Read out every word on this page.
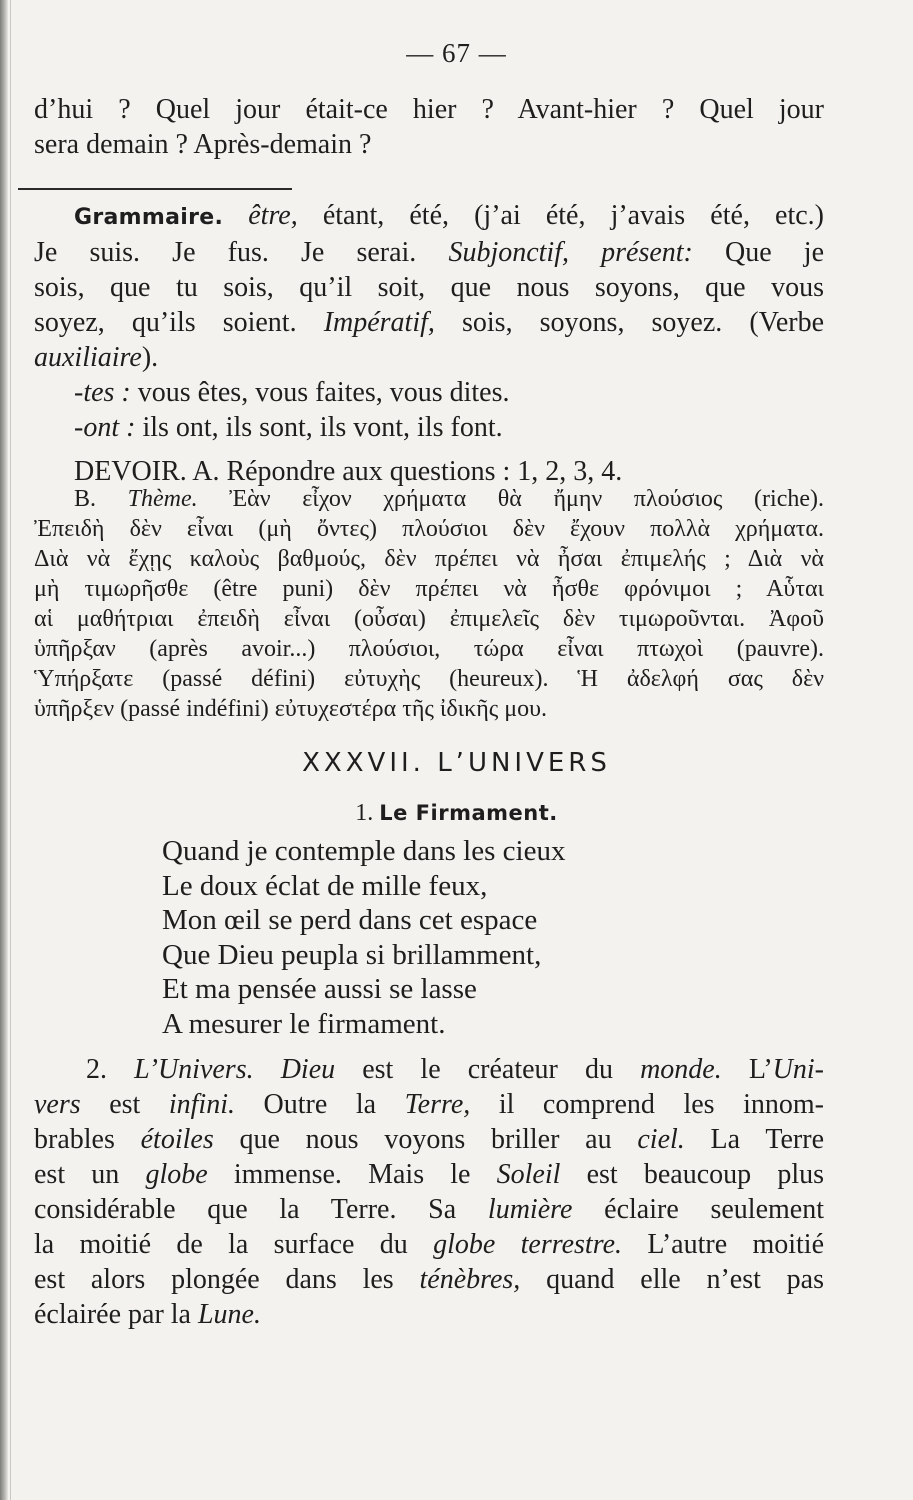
— 67 —
d’hui ? Quel jour était-ce hier ? Avant-hier ? Quel jour
sera demain ? Après-demain ?
Grammaire. être, étant, été, (j’ai été, j’avais été, etc.)
Je suis. Je fus. Je serai. Subjonctif, présent: Que je
sois, que tu sois, qu’il soit, que nous soyons, que vous
soyez, qu’ils soient. Impératif, sois, soyons, soyez. (Verbe
auxiliaire).
-tes : vous êtes, vous faites, vous dites.
-ont : ils ont, ils sont, ils vont, ils font.
DEVOIR. A. Répondre aux questions : 1, 2, 3, 4.
B. Thème. Ἐὰν εἶχον χρήματα θὰ ἤμην πλούσιος (riche).
Ἐπειδὴ δὲν εἶναι (μὴ ὄντες) πλούσιοι δὲν ἔχουν πολλὰ χρήματα.
Διὰ νὰ ἔχῃς καλοὺς βαθμούς, δὲν πρέπει νὰ ἦσαι ἐπιμελής ; Διὰ νὰ
μὴ τιμωρῆσθε (être puni) δὲν πρέπει νὰ ἦσθε φρόνιμοι ; Αὗται
αἱ μαθήτριαι ἐπειδὴ εἶναι (οὖσαι) ἐπιμελεῖς δὲν τιμωροῦνται. Ἀφοῦ
ὑπῆρξαν (après avoir...) πλούσιοι, τώρα εἶναι πτωχοὶ (pauvre).
Ὑπήρξατε (passé défini) εὐτυχὴς (heureux). Ἡ ἀδελφή σας δὲν
ὑπῆρξεν (passé indéfini) εὐτυχεστέρα τῆς ἰδικῆς μου.
XXXVII. L’UNIVERS
1. Le Firmament.
Quand je contemple dans les cieux
Le doux éclat de mille feux,
Mon œil se perd dans cet espace
Que Dieu peupla si brillamment,
Et ma pensée aussi se lasse
A mesurer le firmament.
2. L’Univers. Dieu est le créateur du monde. L’Uni-
vers est infini. Outre la Terre, il comprend les innom-
brables étoiles que nous voyons briller au ciel. La Terre
est un globe immense. Mais le Soleil est beaucoup plus
considérable que la Terre. Sa lumière éclaire seulement
la moitié de la surface du globe terrestre. L’autre moitié
est alors plongée dans les ténèbres, quand elle n’est pas
éclairée par la Lune.
